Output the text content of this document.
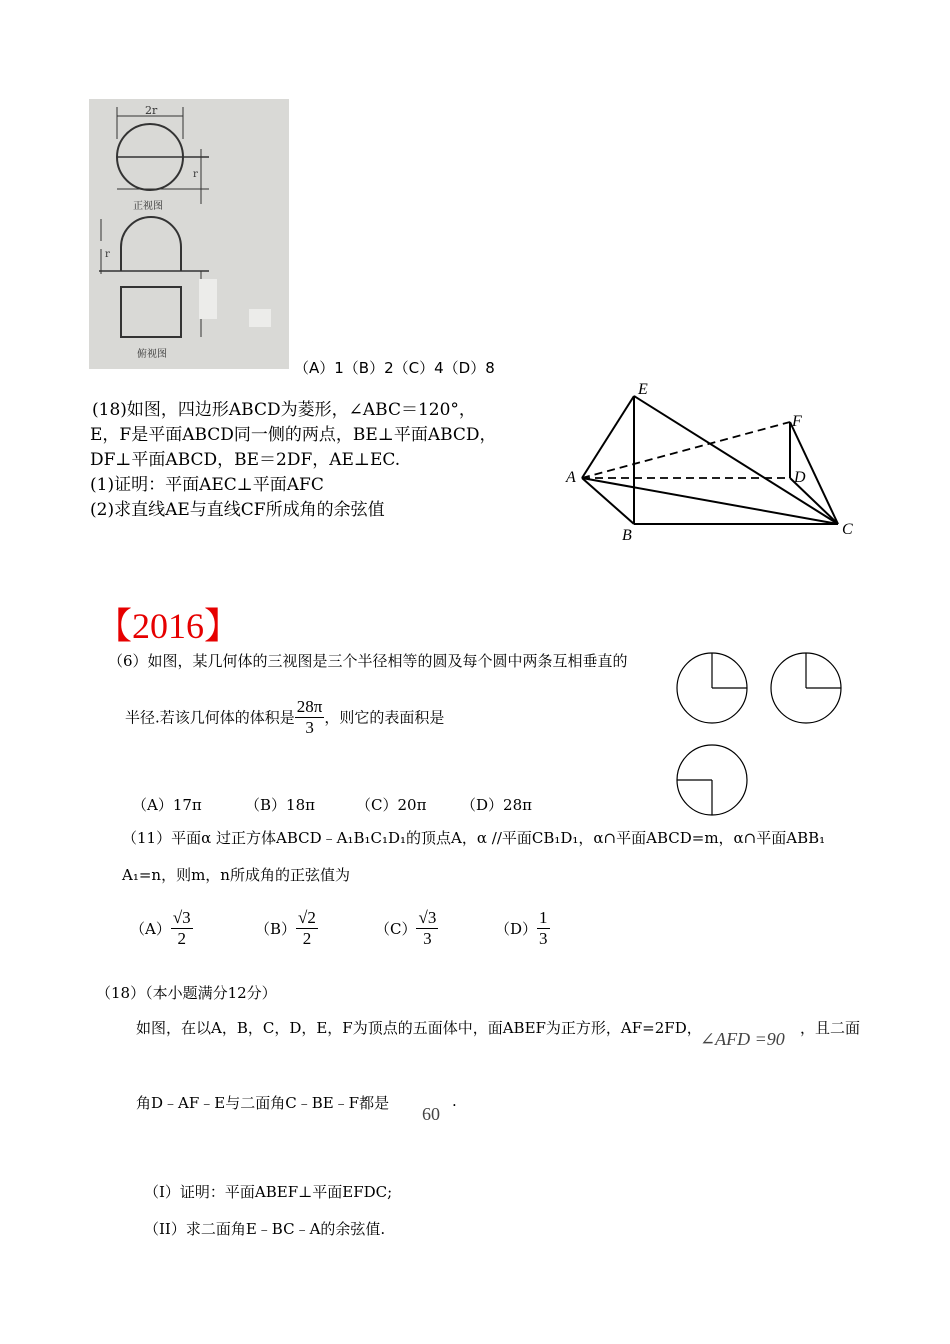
2r
r
正视图
r
俯视图
（A）1（B）2（C）4（D）8
(18)如图，四边形ABCD为菱形，∠ABC＝120°，
E，F是平面ABCD同一侧的两点，BE⊥平面ABCD，
DF⊥平面ABCD，BE＝2DF，AE⊥EC.
(1)证明：平面AEC⊥平面AFC
(2)求直线AE与直线CF所成角的余弦值
E
F
A	D
B	C
【2016】
（6）如图，某几何体的三视图是三个半径相等的圆及每个圆中两条互相垂直的
半径.若该几何体的体积是 $\frac{28\pi}{3}$ ，则它的表面积是
（A）17π	（B）18π	（C）20π （D）28π
（11）平面α 过正方体ABCD﹣A₁B₁C₁D₁的顶点A，α //平面CB₁D₁，α∩平面ABCD=m，α∩平面ABB₁
A₁=n，则m，n所成角的正弦值为
$(A) \frac{√3}{2}$	$(B) \frac{√2}{2}$	$(C) \frac{√3}{3}$	$(D) \frac{1}{3}$
（18）（本小题满分12分）
如图，在以A，B，C，D，E，F为顶点的五面体中，面ABEF为正方形，AF=2FD，
∠AFD =90
，且二面
角D﹣AF﹣E与二面角C﹣BE﹣F都是
60
.
（I）证明：平面ABEF⊥平面EFDC;
（II）求二面角E﹣BC﹣A的余弦值.
